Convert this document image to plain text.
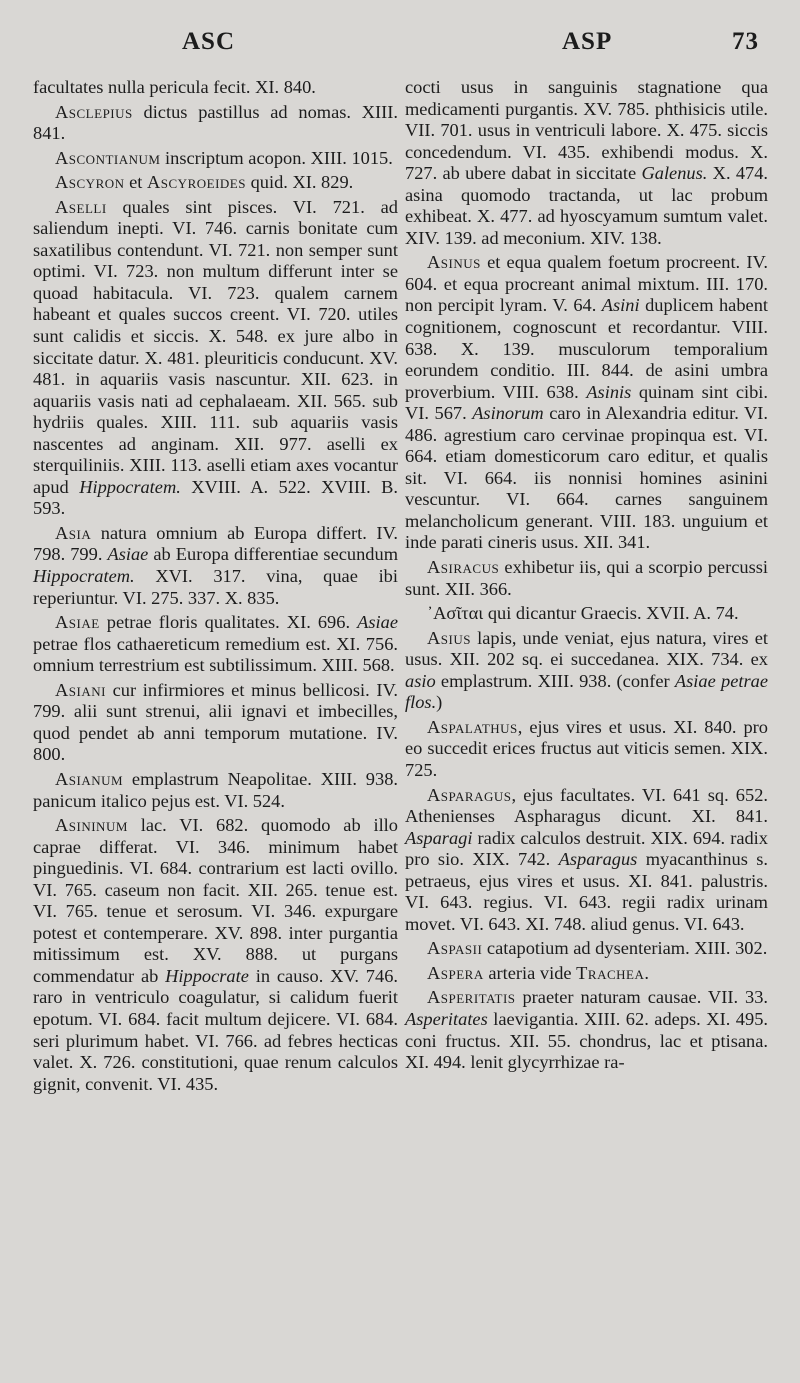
ASC	ASP	73

facultates nulla pericula fecit. XI. 840.

Asclepius dictus pastillus ad nomas. XIII. 841.

Ascontianum inscriptum acopon. XIII. 1015.

Ascyron et Ascyroeides quid. XI. 829.

Aselli quales sint pisces. VI. 721. ad saliendum inepti. VI. 746. carnis bonitate cum saxatilibus contendunt. VI. 721. non semper sunt optimi. VI. 723. non multum differunt inter se quoad habitacula. VI. 723. qualem carnem habeant et quales succos creent. VI. 720. utiles sunt calidis et siccis. X. 548. ex jure albo in siccitate datur. X. 481. pleuriticis conducunt. XV. 481. in aquariis vasis nascuntur. XII. 623. in aquariis vasis nati ad cephalaeam. XII. 565. sub hydriis quales. XIII. 111. sub aquariis vasis nascentes ad anginam. XII. 977. aselli ex sterquiliniis. XIII. 113. aselli etiam axes vocantur apud Hippocratem. XVIII. A. 522. XVIII. B. 593.

Asia natura omnium ab Europa differt. IV. 798. 799. Asiae ab Europa differentiae secundum Hippocratem. XVI. 317. vina, quae ibi reperiuntur. VI. 275. 337. X. 835.

Asiae petrae floris qualitates. XI. 696. Asiae petrae flos cathaereticum remedium est. XI. 756. omnium terrestrium est subtilissimum. XIII. 568.

Asiani cur infirmiores et minus bellicosi. IV. 799. alii sunt strenui, alii ignavi et imbecilles, quod pendet ab anni temporum mutatione. IV. 800.

Asianum emplastrum Neapolitae. XIII. 938. panicum italico pejus est. VI. 524.

Asininum lac. VI. 682. quomodo ab illo caprae differat. VI. 346. minimum habet pinguedinis. VI. 684. contrarium est lacti ovillo. VI. 765. caseum non facit. XII. 265. tenue est. VI. 765. tenue et serosum. VI. 346. expurgare potest et contemperare. XV. 898. inter purgantia mitissimum est. XV. 888. ut purgans commendatur ab Hippocrate in causo. XV. 746. raro in ventriculo coagulatur, si calidum fuerit epotum. VI. 684. facit multum dejicere. VI. 684. seri plurimum habet. VI. 766. ad febres hecticas valet. X. 726. constitutioni, quae renum calculos gignit, convenit. VI. 435.

cocti usus in sanguinis stagnatione qua medicamenti purgantis. XV. 785. phthisicis utile. VII. 701. usus in ventriculi labore. X. 475. siccis concedendum. VI. 435. exhibendi modus. X. 727. ab ubere dabat in siccitate Galenus. X. 474. asina quomodo tractanda, ut lac probum exhibeat. X. 477. ad hyoscyamum sumtum valet. XIV. 139. ad meconium. XIV. 138.

Asinus et equa qualem foetum procreent. IV. 604. et equa procreant animal mixtum. III. 170. non percipit lyram. V. 64. Asini duplicem habent cognitionem, cognoscunt et recordantur. VIII. 638. X. 139. musculorum temporalium eorundem conditio. III. 844. de asini umbra proverbium. VIII. 638. Asinis quinam sint cibi. VI. 567. Asinorum caro in Alexandria editur. VI. 486. agrestium caro cervinae propinqua est. VI. 664. etiam domesticorum caro editur, et qualis sit. VI. 664. iis nonnisi homines asinini vescuntur. VI. 664. carnes sanguinem melancholicum generant. VIII. 183. unguium et inde parati cineris usus. XII. 341.

Asiracus exhibetur iis, qui a scorpio percussi sunt. XII. 366.

᾽Ασῖται qui dicantur Graecis. XVII. A. 74.

Asius lapis, unde veniat, ejus natura, vires et usus. XII. 202 sq. ei succedanea. XIX. 734. ex asio emplastrum. XIII. 938. (confer Asiae petrae flos.)

Aspalathus, ejus vires et usus. XI. 840. pro eo succedit erices fructus aut viticis semen. XIX. 725.

Asparagus, ejus facultates. VI. 641 sq. 652. Athenienses Aspharagus dicunt. XI. 841. Asparagi radix calculos destruit. XIX. 694. radix pro sio. XIX. 742. Asparagus myacanthinus s. petraeus, ejus vires et usus. XI. 841. palustris. VI. 643. regius. VI. 643. regii radix urinam movet. VI. 643. XI. 748. aliud genus. VI. 643.

Aspasii catapotium ad dysenteriam. XIII. 302.

Aspera arteria vide Trachea.

Asperitatis praeter naturam causae. VII. 33. Asperitates laevigantia. XIII. 62. adeps. XI. 495. coni fructus. XII. 55. chondrus, lac et ptisana. XI. 494. lenit glycyrrhizae ra-
